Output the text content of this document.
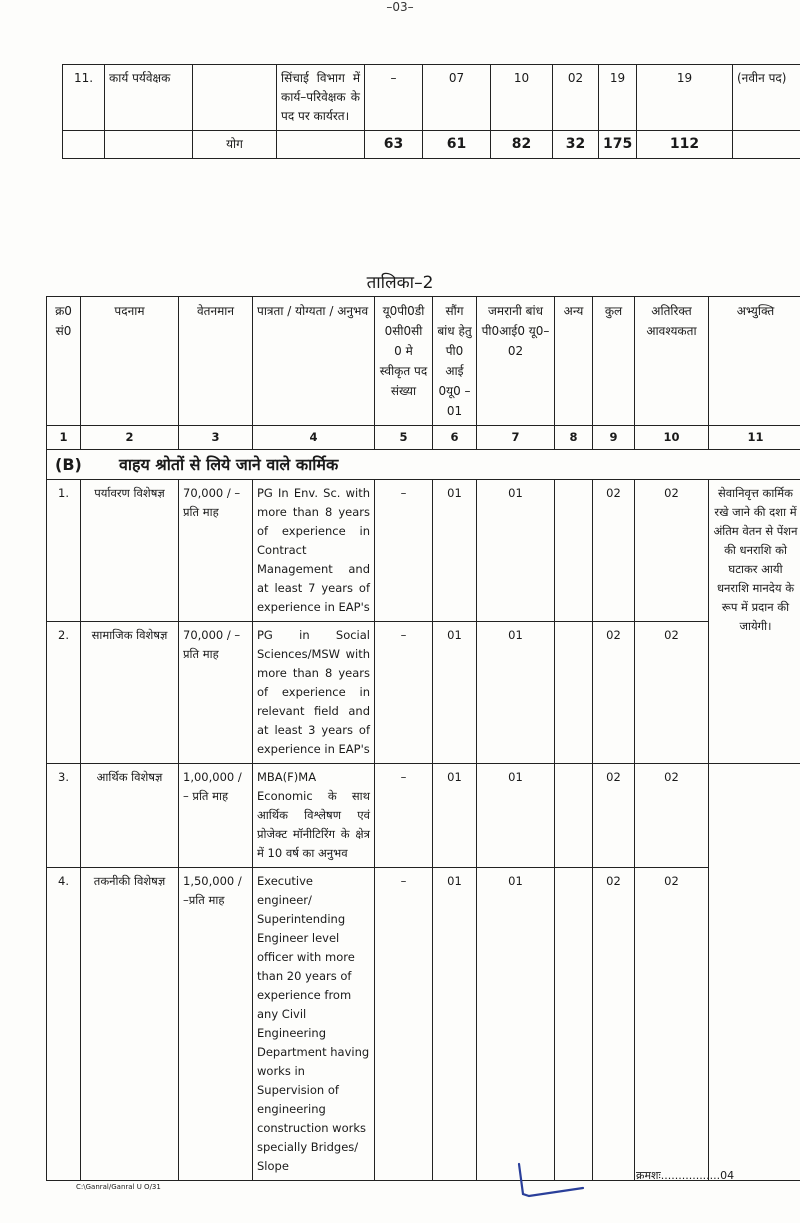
–03–
11.	कार्य पर्यवेक्षक		सिंचाई विभाग में कार्य–परिवेक्षक के पद पर कार्यरत।	–	07	10	02	19	19	(नवीन पद)
		योग		63	61	82	32	175	112	
तालिका–2
क्र0 सं0	पदनाम	वेतनमान	पात्रता / योग्यता / अनुभव	यू0पी0डी 0सी0सी 0 मे स्वीकृत पद संख्या	सौंग बांध हेतु पी0 आई 0यू0 –01	जमरानी बांध पी0आई0 यू0–02	अन्य	कुल	अतिरिक्त आवश्यकता	अभ्युक्ति
1	2	3	4	5	6	7	8	9	10	11
(B) वाहय श्रोतों से लिये जाने वाले कार्मिक										
1.	पर्यावरण विशेषज्ञ	70,000 / – प्रति माह	PG In Env. Sc. with more than 8 years of experience in Contract Management and at least 7 years of experience in EAP's	–	01	01		02	02	सेवानिवृत्त कार्मिक रखे जाने की दशा में अंतिम वेतन से पेंशन की धनराशि को घटाकर आयी धनराशि मानदेय के रूप में प्रदान की जायेगी।
2.	सामाजिक विशेषज्ञ	70,000 / – प्रति माह	PG in Social Sciences/MSW with more than 8 years of experience in relevant field and at least 3 years of experience in EAP's	–	01	01		02	02	
3.	आर्थिक विशेषज्ञ	1,00,000 / – प्रति माह	MBA(F)MA Economic के साथ आर्थिक विश्लेषण एवं प्रोजेक्ट मॉनीटिरिंग के क्षेत्र में 10 वर्ष का अनुभव	–	01	01		02	02	
4.	तकनीकी विशेषज्ञ	1,50,000 / –प्रति माह	Executive engineer/ Superintending Engineer level officer with more than 20 years of experience from any Civil Engineering Department having works in Supervision of engineering construction works specially Bridges/ Slope	–	01	01		02	02	
C:\Ganral/Ganral U O/31
क्रमशः.................04
